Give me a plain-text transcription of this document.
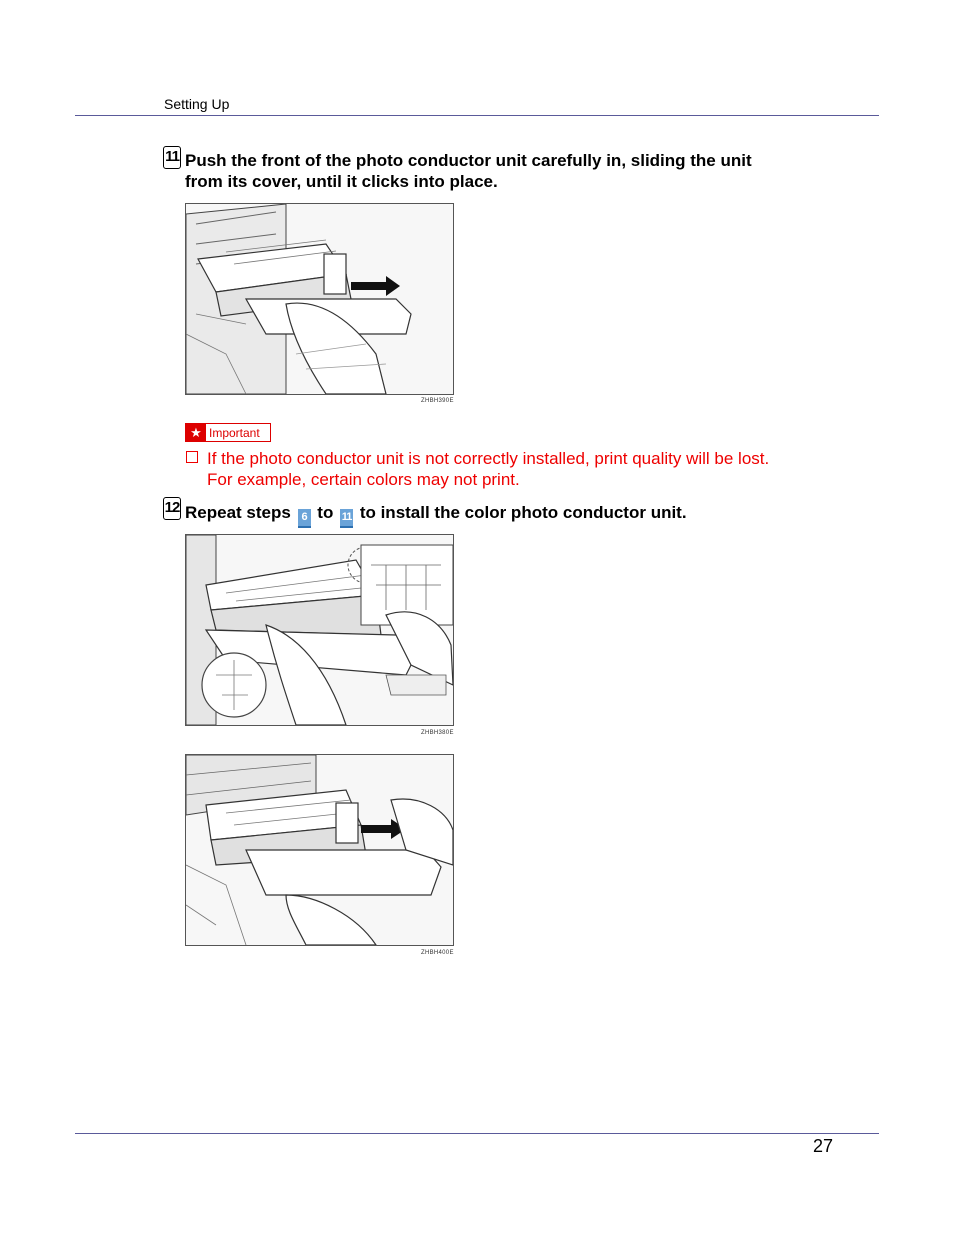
Setting Up
11 Push the front of the photo conductor unit carefully in, sliding the unit
from its cover, until it clicks into place.
ZHBH390E
★ Important
If the photo conductor unit is not correctly installed, print quality will be lost.
For example, certain colors may not print.
12 Repeat steps 6 to 11 to install the color photo conductor unit.
ZHBH380E
ZHBH400E
27
